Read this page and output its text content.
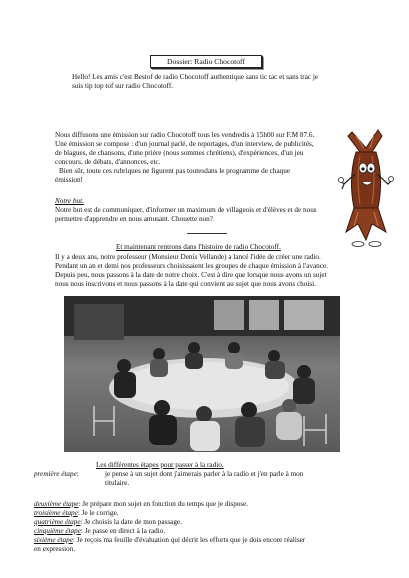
Dossier: Radio Chocotoff
Hello! Les amis c'est Bestof de radio Chocotoff authentique sans tic tac et sans trac je
suis tip top tof sur radio Chocotoff.
Nous diffusons une émission sur radio Chocotoff tous les vendredis à 15h00 sur F.M 87.6.
Une émission se compose : d'un journal parlé, de reportages, d'un interview, de publicités,
de blagues, de chansons, d'une prière (nous sommes chrétiens), d'expériences, d'un jeu
concours, de débats, d'annonces, etc.
Bien sûr, toute ces rubriques ne figurent pas toutesdans le programme de chaque
émission!
Notre but.
Notre but est de communiquer, d'informer un maximum de villageois et d'élèves et de nous
permettre d'apprendre en nous amusant. Chouette non?
Et maintenant rentrons dans l'histoire de radio Chocotoff.
Il y a deux ans, notre professeur (Monsieur Denis Vellande) a lancé l'idée de créer une radio.
Pendant un an et demi nos professeurs choisissaient les groupes de chaque émission à l'avance.
Depuis peu, nous passons à la date de notre choix. C'est à dire que lorsque nous avons un sujet
nous nous inscrivons et nous passons à la date qui convient au sujet que nous avons choisi.
Les différentes étapes pour passer à la radio.
première étape:	je pense à un sujet dont j'aimerais parler à la radio et j'en parle à mon
titulaire.
deuxième étape: Je prépare mon sujet en fonction du temps que je dispose.
troisième étape: Je le corrige.
quatrième étape: Je choisis la date de mon passage.
cinquième étape: Je passe en direct à la radio.
sixième étape: Je reçois ma feuille d'évaluation qui décrit les efforts que je dois encore réaliser
en expression.
